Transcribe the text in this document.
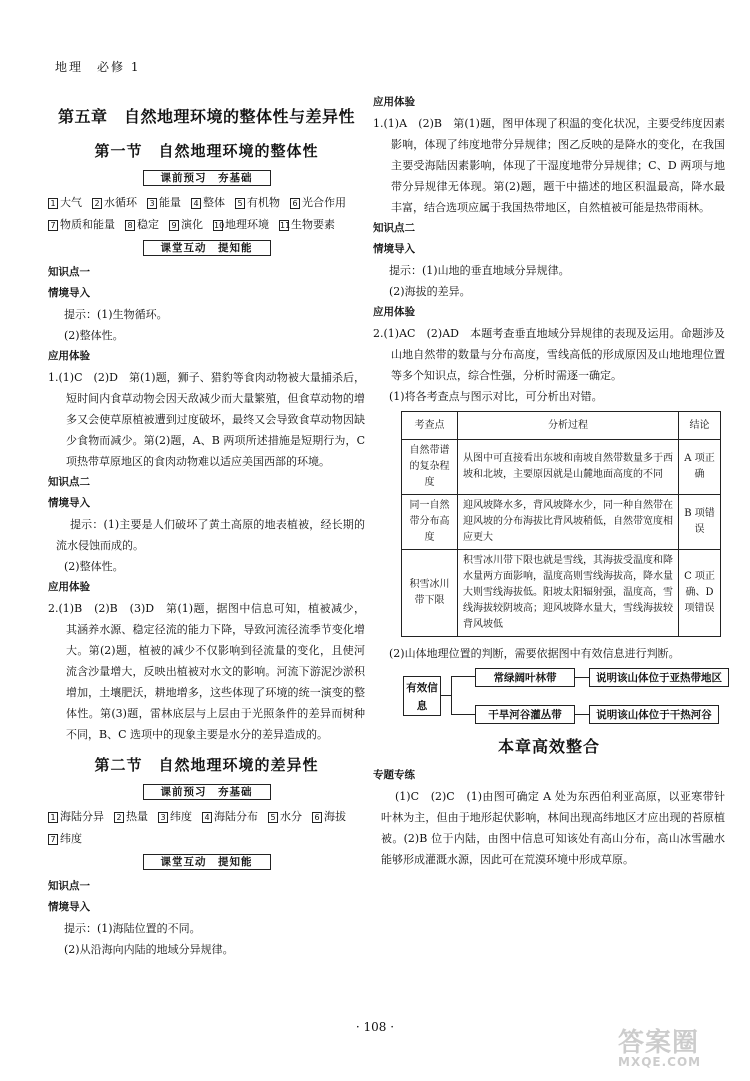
地理　必修 1
第五章　自然地理环境的整体性与差异性
第一节　自然地理环境的整体性
课前预习　夯基础
1 大气 2 水循环 3 能量 4 整体 5 有机物 6 光合作用7 物质和能量 8 稳定 9 演化 10地理环境 11生物要素
课堂互动　提知能
知识点一
情境导入
提示：(1)生物循环。
(2)整体性。
应用体验
1.(1)C　(2)D　第(1)题，狮子、猎豹等食肉动物被大量捕杀后，短时间内食草动物会因天敌减少而大量繁殖，但食草动物的增多又会使草原植被遭到过度破坏，最终又会导致食草动物因缺少食物而减少。第(2)题，A、B 两项所述措施是短期行为，C 项热带草原地区的食肉动物难以适应美国西部的环境。
知识点二
情境导入
提示：(1)主要是人们破坏了黄土高原的地表植被，经长期的流水侵蚀而成的。
(2)整体性。
应用体验
2.(1)B　(2)B　(3)D　第(1)题，据图中信息可知，植被减少，其涵养水源、稳定径流的能力下降，导致河流径流季节变化增大。第(2)题，植被的减少不仅影响到径流量的变化，且使河流含沙量增大，反映出植被对水文的影响。河流下游泥沙淤积增加，土壤肥沃，耕地增多，这些体现了环境的统一演变的整体性。第(3)题，雷林底层与上层由于光照条件的差异而树种不同，B、C 选项中的现象主要是水分的差异造成的。
第二节　自然地理环境的差异性
课前预习　夯基础
1 海陆分异 2 热量 3 纬度 4 海陆分布 5 水分 6 海拔7 纬度
课堂互动　提知能
知识点一
情境导入
提示：(1)海陆位置的不同。
(2)从沿海向内陆的地域分异规律。
应用体验
1.(1)A　(2)B　第(1)题，图甲体现了积温的变化状况，主要受纬度因素影响，体现了纬度地带分异规律；图乙反映的是降水的变化，在我国主要受海陆因素影响，体现了干湿度地带分异规律；C、D 两项与地带分异规律无体现。第(2)题，题干中描述的地区积温最高，降水最丰富，结合选项应属于我国热带地区，自然植被可能是热带雨林。
知识点二
情境导入
提示：(1)山地的垂直地域分异规律。
(2)海拔的差异。
应用体验
2.(1)AC　(2)AD　本题考查垂直地域分异规律的表现及运用。命题涉及山地自然带的数量与分布高度，雪线高低的形成原因及山地地理位置等多个知识点，综合性强，分析时需逐一确定。
(1)将各考查点与图示对比，可分析出对错。
考查点	分析过程	结论
自然带谱的复杂程度	从图中可直接看出东坡和南坡自然带数量多于西坡和北坡，主要原因就是山麓地面高度的不同	A 项正确
同一自然带分布高度	迎风坡降水多，背风坡降水少，同一种自然带在迎风坡的分布海拔比背风坡稍低，自然带宽度相应更大	B 项错误
积雪冰川带下限	积雪冰川带下限也就是雪线，其海拔受温度和降水量两方面影响，温度高则雪线海拔高，降水量大则雪线海拔低。阳坡太阳辐射强，温度高，雪线海拔较阴坡高；迎风坡降水量大，雪线海拔较背风坡低	C 项正确、D 项错误
(2)山体地理位置的判断，需要依据图中有效信息进行判断。
有效信息
常绿阔叶林带	说明该山体位于亚热带地区
干旱河谷灌丛带	说明该山体位于干热河谷
本章高效整合
专题专练
(1)C　(2)C　(1)由图可确定 A 处为东西伯利亚高原，以亚寒带针叶林为主，但由于地形起伏影响，林间出现高纬地区才应出现的苔原植被。(2)B 位于内陆，由图中信息可知该处有高山分布，高山冰雪融水能够形成灌溉水源，因此可在荒漠环境中形成草原。
· 108 ·
答案圈
MXQE.COM
